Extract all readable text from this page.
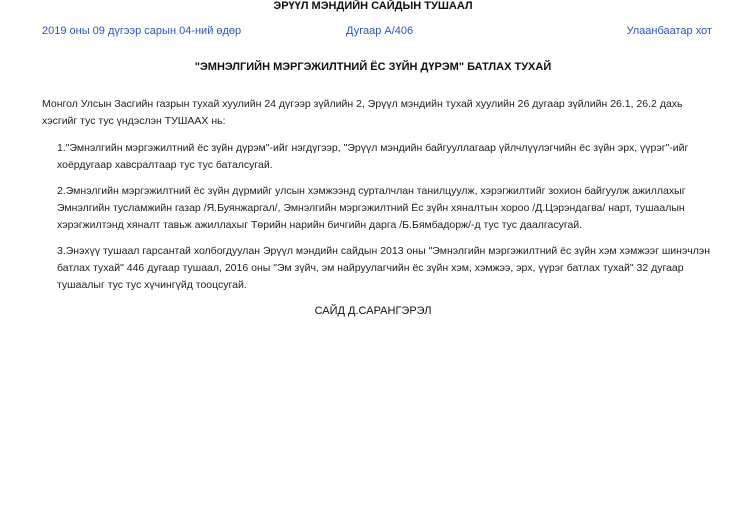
ЭРҮҮЛ МЭНДИЙН САЙДЫН ТУШААЛ
2019 оны 09 дүгээр сарын 04-ний өдөр	Дугаар А/406	Улаанбаатар хот
"ЭМНЭЛГИЙН МЭРГЭЖИЛТНИЙ ЁС ЗҮЙН ДҮРЭМ" БАТЛАХ ТУХАЙ

Монгол Улсын Засгийн газрын тухай хуулийн 24 дүгээр зүйлийн 2, Эрүүл мэндийн тухай хуулийн 26 дугаар зүйлийн 26.1, 26.2 дахь хэсгийг тус тус үндэслэн ТУШААХ нь:

1."Эмнэлгийн мэргэжилтний ёс зүйн дүрэм"-ийг нэгдүгээр, "Эрүүл мэндийн байгууллагаар үйлчлүүлэгчийн ёс зүйн эрх, үүрэг"-ийг хоёрдугаар хавсралтаар тус тус баталсугай.

2.Эмнэлгийн мэргэжилтний ёс зүйн дүрмийг улсын хэмжээнд сурталчлан танилцуулж, хэрэгжилтийг зохион байгуулж ажиллахыг Эмнэлгийн тусламжийн газар /Я.Буянжаргал/, Эмнэлгийн мэргэжилтний Ёс зүйн хяналтын хороо /Д.Цэрэндагва/ нарт, тушаалын хэрэгжилтэнд хяналт тавьж ажиллахыг Төрийн нарийн бичгийн дарга /Б.Бямбадорж/-д тус тус даалгасугай.

3.Энэхүү тушаал гарсантай холбогдуулан Эрүүл мэндийн сайдын 2013 оны "Эмнэлгийн мэргэжилтний ёс зүйн хэм хэмжээг шинэчлэн батлах тухай" 446 дугаар тушаал, 2016 оны "Эм зүйч, эм найруулагчийн ёс зүйн хэм, хэмжээ, эрх, үүрэг батлах тухай" 32 дугаар тушаалыг тус тус хүчингүйд тооцсугай.

САЙД Д.САРАНГЭРЭЛ
